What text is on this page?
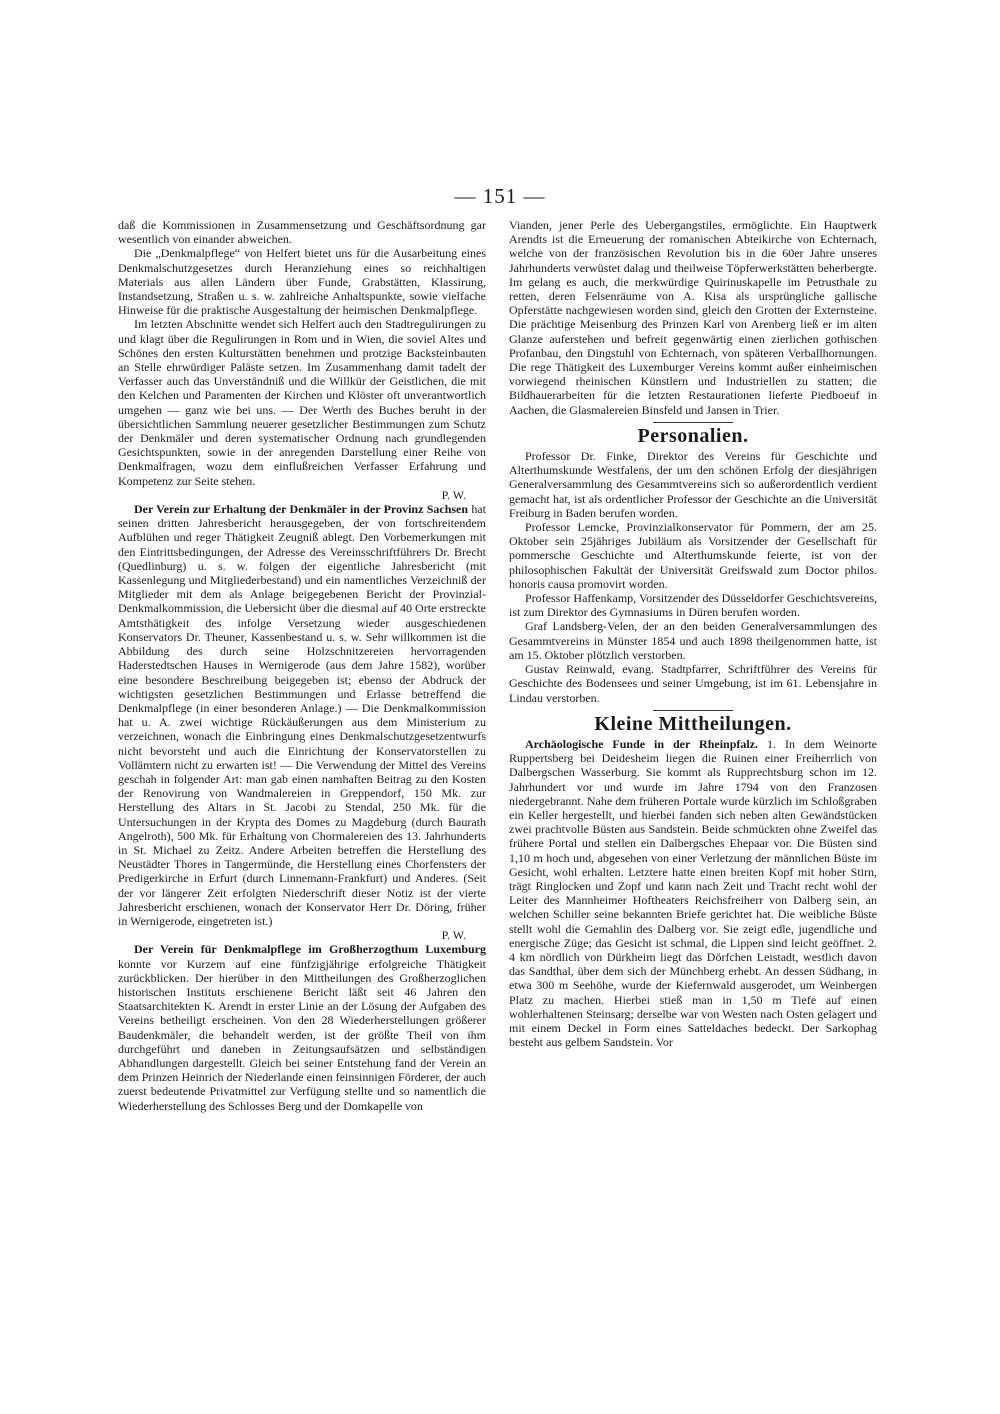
— 151 —

daß die Kommissionen in Zusammensetzung und Geschäftsordnung gar wesentlich von einander abweichen.

Die „Denkmalpflege“ von Helfert bietet uns für die Ausarbeitung eines Denkmalschutzgesetzes durch Heranziehung eines so reichhaltigen Materials aus allen Ländern über Funde, Grabstätten, Klassirung, Instandsetzung, Straßen u. s. w. zahlreiche Anhaltspunkte, sowie vielfache Hinweise für die praktische Ausgestaltung der heimischen Denkmalpflege.

Im letzten Abschnitte wendet sich Helfert auch den Stadtregulirungen zu und klagt über die Regulirungen in Rom und in Wien, die soviel Altes und Schönes den ersten Kulturstätten benehmen und protzige Backsteinbauten an Stelle ehrwürdiger Paläste setzen. Im Zusammenhang damit tadelt der Verfasser auch das Unverständniß und die Willkür der Geistlichen, die mit den Kelchen und Paramenten der Kirchen und Klöster oft unverantwortlich umgehen — ganz wie bei uns. — Der Werth des Buches beruht in der übersichtlichen Sammlung neuerer gesetzlicher Bestimmungen zum Schutz der Denkmäler und deren systematischer Ordnung nach grundlegenden Gesichtspunkten, sowie in der anregenden Darstellung einer Reihe von Denkmalfragen, wozu dem einflußreichen Verfasser Erfahrung und Kompetenz zur Seite stehen.

P. W.

Der Verein zur Erhaltung der Denkmäler in der Provinz Sachsen hat seinen dritten Jahresbericht herausgegeben, der von fortschreitendem Aufblühen und reger Thätigkeit Zeugniß ablegt. Den Vorbemerkungen mit den Eintrittsbedingungen, der Adresse des Vereinsschriftführers Dr. Brecht (Quedlinburg) u. s. w. folgen der eigentliche Jahresbericht (mit Kassenlegung und Mitgliederbestand) und ein namentliches Verzeichniß der Mitglieder mit dem als Anlage beigegebenen Bericht der Provinzial-Denkmalkommission, die Uebersicht über die diesmal auf 40 Orte erstreckte Amtsthätigkeit des infolge Versetzung wieder ausgeschiedenen Konservators Dr. Theuner, Kassenbestand u. s. w. Sehr willkommen ist die Abbildung des durch seine Holzschnitzereien hervorragenden Haderstedtschen Hauses in Wernigerode (aus dem Jahre 1582), worüber eine besondere Beschreibung beigegeben ist; ebenso der Abdruck der wichtigsten gesetzlichen Bestimmungen und Erlasse betreffend die Denkmalpflege (in einer besonderen Anlage.) — Die Denkmalkommission hat u. A. zwei wichtige Rückäußerungen aus dem Ministerium zu verzeichnen, wonach die Einbringung eines Denkmalschutzgesetzentwurfs nicht bevorsteht und auch die Einrichtung der Konservatorstellen zu Vollämtern nicht zu erwarten ist! — Die Verwendung der Mittel des Vereins geschah in folgender Art: man gab einen namhaften Beitrag zu den Kosten der Renovirung von Wandmalereien in Greppendorf, 150 Mk. zur Herstellung des Altars in St. Jacobi zu Stendal, 250 Mk. für die Untersuchungen in der Krypta des Domes zu Magdeburg (durch Baurath Angelroth), 500 Mk. für Erhaltung von Chormalereien des 13. Jahrhunderts in St. Michael zu Zeitz. Andere Arbeiten betreffen die Herstellung des Neustädter Thores in Tangermünde, die Herstellung eines Chorfensters der Predigerkirche in Erfurt (durch Linnemann-Frankfurt) und Anderes. (Seit der vor längerer Zeit erfolgten Niederschrift dieser Notiz ist der vierte Jahresbericht erschienen, wonach der Konservator Herr Dr. Döring, früher in Wernigerode, eingetreten ist.)

P. W.

Der Verein für Denkmalpflege im Großherzogthum Luxemburg konnte vor Kurzem auf eine fünfzigjährige erfolgreiche Thätigkeit zurückblicken. Der hierüber in den Mittheilungen des Großherzoglichen historischen Instituts erschienene Bericht läßt seit 46 Jahren den Staatsarchitekten K. Arendt in erster Linie an der Lösung der Aufgaben des Vereins betheiligt erscheinen. Von den 28 Wiederherstellungen größerer Baudenkmäler, die behandelt werden, ist der größte Theil von ihm durchgeführt und daneben in Zeitungsaufsätzen und selbständigen Abhandlungen dargestellt. Gleich bei seiner Entstehung fand der Verein an dem Prinzen Heinrich der Niederlande einen feinsinnigen Förderer, der auch zuerst bedeutende Privatmittel zur Verfügung stellte und so namentlich die Wiederherstellung des Schlosses Berg und der Domkapelle von

Vianden, jener Perle des Uebergangstiles, ermöglichte. Ein Hauptwerk Arendts ist die Erneuerung der romanischen Abteikirche von Echternach, welche von der französischen Revolution bis in die 60er Jahre unseres Jahrhunderts verwüstet dalag und theilweise Töpferwerkstätten beherbergte. Im gelang es auch, die merkwürdige Quirinuskapelle im Petrusthale zu retten, deren Felsenräume von A. Kisa als ursprüngliche gallische Opferstätte nachgewiesen worden sind, gleich den Grotten der Externsteine. Die prächtige Meisenburg des Prinzen Karl von Arenberg ließ er im alten Glanze auferstehen und befreit gegenwärtig einen zierlichen gothischen Profanbau, den Dingstuhl von Echternach, von späteren Verballhornungen. Die rege Thätigkeit des Luxemburger Vereins kommt außer einheimischen vorwiegend rheinischen Künstlern und Industriellen zu statten; die Bildhauerarbeiten für die letzten Restaurationen lieferte Piedboeuf in Aachen, die Glasmalereien Binsfeld und Jansen in Trier.

Personalien.

Professor Dr. Finke, Direktor des Vereins für Geschichte und Alterthumskunde Westfalens, der um den schönen Erfolg der diesjährigen Generalversammlung des Gesammtvereins sich so außerordentlich verdient gemacht hat, ist als ordentlicher Professor der Geschichte an die Universität Freiburg in Baden berufen worden.

Professor Lemcke, Provinzialkonservator für Pommern, der am 25. Oktober sein 25jähriges Jubiläum als Vorsitzender der Gesellschaft für pommersche Geschichte und Alterthumskunde feierte, ist von der philosophischen Fakultät der Universität Greifswald zum Doctor philos. honoris causa promovirt worden.

Professor Haffenkamp, Vorsitzender des Düsseldorfer Geschichtsvereins, ist zum Direktor des Gymnasiums in Düren berufen worden.

Graf Landsberg-Velen, der an den beiden Generalversammlungen des Gesammtvereins in Münster 1854 und auch 1898 theilgenommen hatte, ist am 15. Oktober plötzlich verstorben.

Gustav Reinwald, evang. Stadtpfarrer, Schriftführer des Vereins für Geschichte des Bodensees und seiner Umgebung, ist im 61. Lebensjahre in Lindau verstorben.

Kleine Mittheilungen.

Archäologische Funde in der Rheinpfalz. 1. In dem Weinorte Ruppertsberg bei Deidesheim liegen die Ruinen einer Freiherrlich von Dalbergschen Wasserburg. Sie kommt als Rupprechtsburg schon im 12. Jahrhundert vor und wurde im Jahre 1794 von den Franzosen niedergebrannt. Nahe dem früheren Portale wurde kürzlich im Schloßgraben ein Keller hergestellt, und hierbei fanden sich neben alten Gewändstücken zwei prachtvolle Büsten aus Sandstein. Beide schmückten ohne Zweifel das frühere Portal und stellen ein Dalbergsches Ehepaar vor. Die Büsten sind 1,10 m hoch und, abgesehen von einer Verletzung der männlichen Büste im Gesicht, wohl erhalten. Letztere hatte einen breiten Kopf mit hoher Stirn, trägt Ringlocken und Zopf und kann nach Zeit und Tracht recht wohl der Leiter des Mannheimer Hoftheaters Reichsfreiherr von Dalberg sein, an welchen Schiller seine bekannten Briefe gerichtet hat. Die weibliche Büste stellt wohl die Gemahlin des Dalberg vor. Sie zeigt edle, jugendliche und energische Züge; das Gesicht ist schmal, die Lippen sind leicht geöffnet. 2. 4 km nördlich von Dürkheim liegt das Dörfchen Leistadt, westlich davon das Sandthal, über dem sich der Münchberg erhebt. An dessen Südhang, in etwa 300 m Seehöhe, wurde der Kiefernwald ausgerodet, um Weinbergen Platz zu machen. Hierbei stieß man in 1,50 m Tiefe auf einen wohlerhaltenen Steinsarg; derselbe war von Westen nach Osten gelagert und mit einem Deckel in Form eines Satteldaches bedeckt. Der Sarkophag besteht aus gelbem Sandstein. Vor
